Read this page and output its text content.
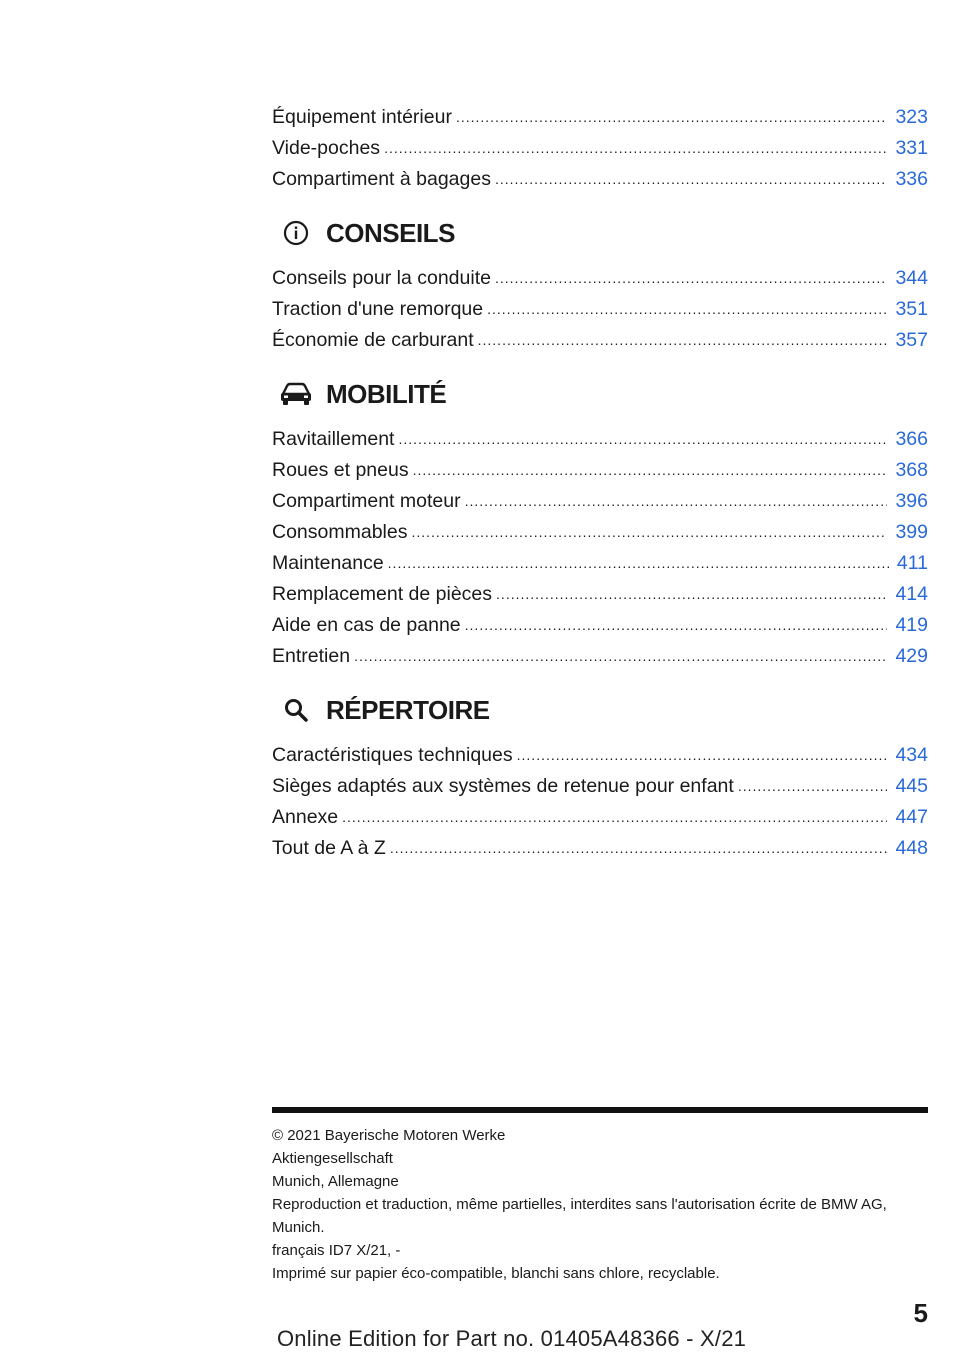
Équipement intérieur .....	323
Vide-poches .....	331
Compartiment à bagages .....	336
CONSEILS
Conseils pour la conduite .....	344
Traction d'une remorque .....	351
Économie de carburant .....	357
MOBILITÉ
Ravitaillement .....	366
Roues et pneus .....	368
Compartiment moteur .....	396
Consommables .....	399
Maintenance .....	411
Remplacement de pièces .....	414
Aide en cas de panne .....	419
Entretien .....	429
RÉPERTOIRE
Caractéristiques techniques .....	434
Sièges adaptés aux systèmes de retenue pour enfant .....	445
Annexe .....	447
Tout de A à Z .....	448
© 2021 Bayerische Motoren Werke
Aktiengesellschaft
Munich, Allemagne
Reproduction et traduction, même partielles, interdites sans l'autorisation écrite de BMW AG,
Munich.
français ID7 X/21, -
Imprimé sur papier éco-compatible, blanchi sans chlore, recyclable.
5
Online Edition for Part no. 01405A48366 - X/21
